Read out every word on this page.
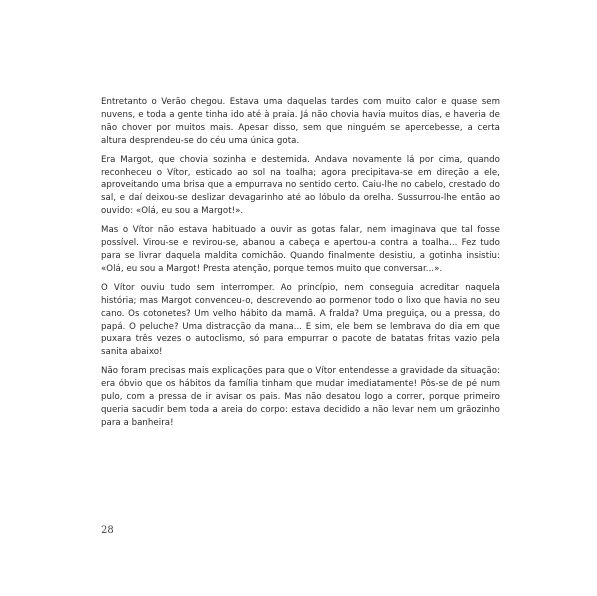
Entretanto o Verão chegou. Estava uma daquelas tardes com muito calor e quase sem nuvens, e toda a gente tinha ido até à praia. Já não chovia havia muitos dias, e haveria de não chover por muitos mais. Apesar disso, sem que ninguém se apercebesse, a certa altura desprendeu-se do céu uma única gota.

Era Margot, que chovia sozinha e destemida. Andava novamente lá por cima, quando reconheceu o Vítor, esticado ao sol na toalha; agora precipitava-se em direção a ele, aproveitando uma brisa que a empurrava no sentido certo. Caiu-lhe no cabelo, crestado do sal, e daí deixou-se deslizar devagarinho até ao lóbulo da orelha. Sussurrou-lhe então ao ouvido: «Olá, eu sou a Margot!».

Mas o Vítor não estava habituado a ouvir as gotas falar, nem imaginava que tal fosse possível. Virou-se e revirou-se, abanou a cabeça e apertou-a contra a toalha... Fez tudo para se livrar daquela maldita comichão. Quando finalmente desistiu, a gotinha insistiu: «Olá, eu sou a Margot! Presta atenção, porque temos muito que conversar...».

O Vítor ouviu tudo sem interromper. Ao princípio, nem conseguia acreditar naquela história; mas Margot convenceu-o, descrevendo ao pormenor todo o lixo que havia no seu cano. Os cotonetes? Um velho hábito da mamã. A fralda? Uma preguiça, ou a pressa, do papá. O peluche? Uma distracção da mana... E sim, ele bem se lembrava do dia em que puxara três vezes o autoclismo, só para empurrar o pacote de batatas fritas vazio pela sanita abaixo!

Não foram precisas mais explicações para que o Vítor entendesse a gravidade da situação: era óbvio que os hábitos da família tinham que mudar imediatamente! Pôs-se de pé num pulo, com a pressa de ir avisar os pais. Mas não desatou logo a correr, porque primeiro queria sacudir bem toda a areia do corpo: estava decidido a não levar nem um grãozinho para a banheira!

28
